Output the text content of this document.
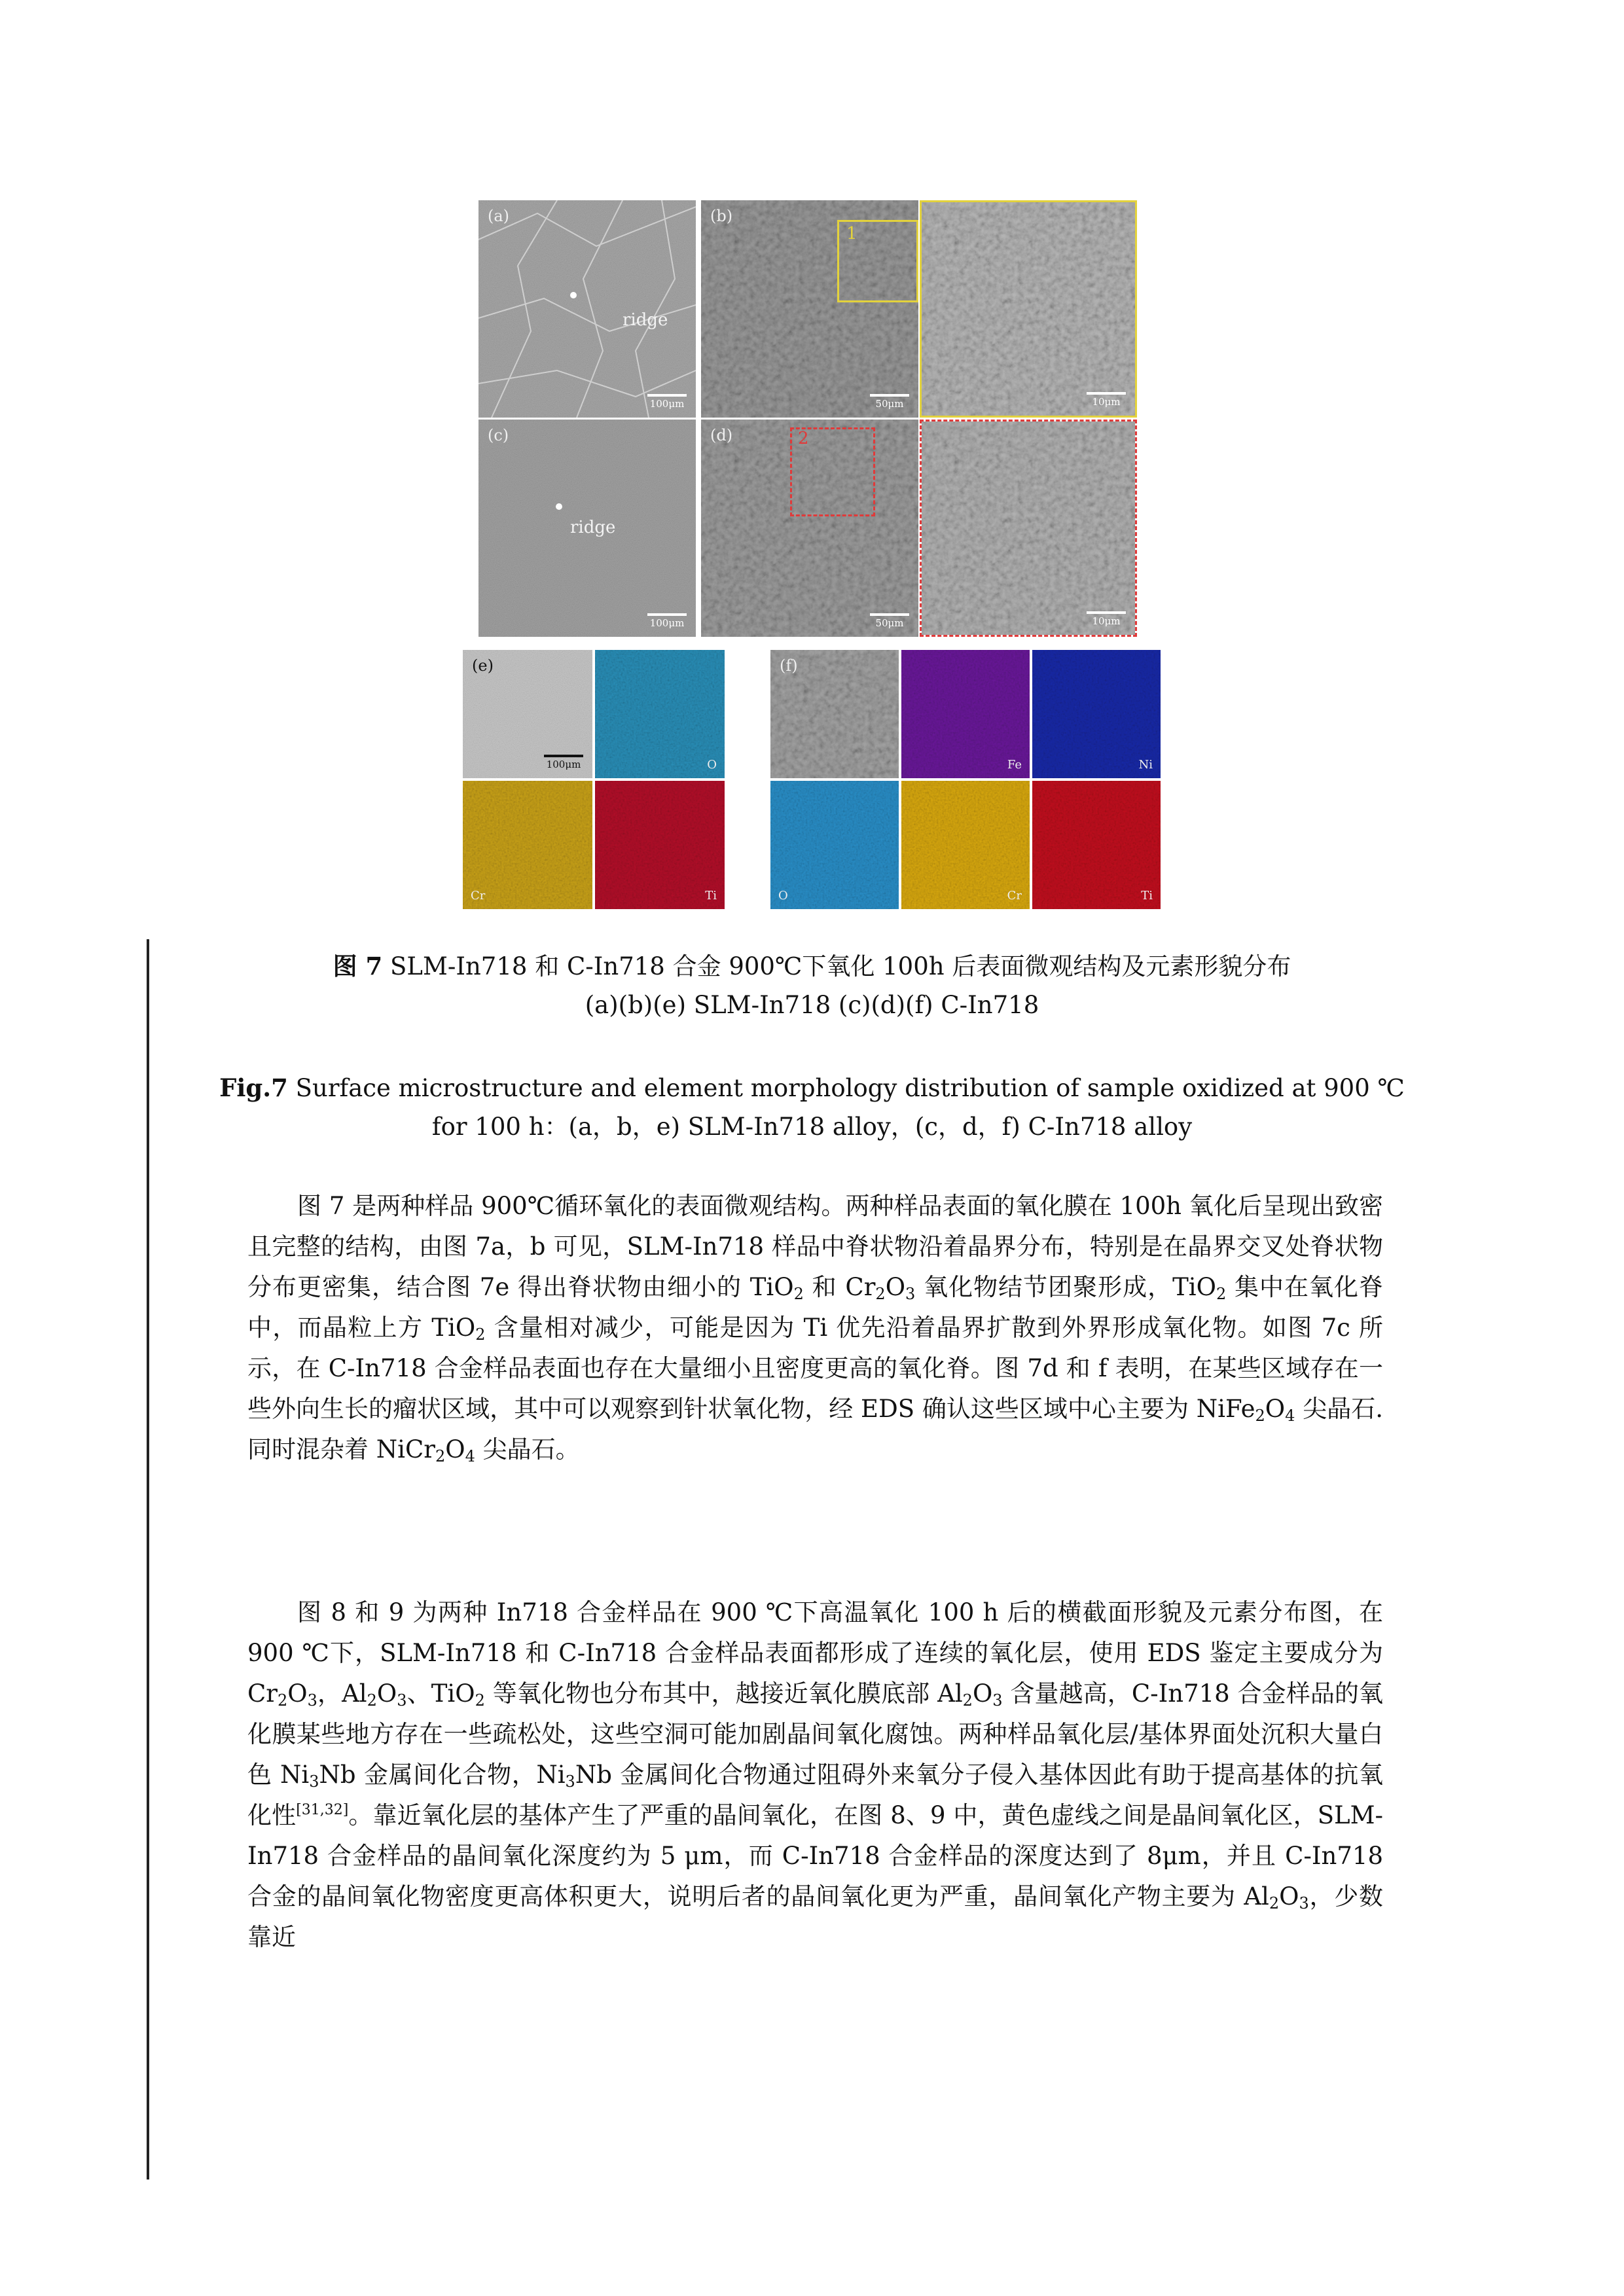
(a)
ridge
100μm
(b)
1
50μm	10μm
(c)
ridge
100μm
(d)	2
50μm	10μm
(e)
100μm	O
Cr	Ti
(f)
Fe	Ni
O	Cr	Ti
图 7 SLM-In718 和 C-In718 合金 900℃下氧化 100h 后表面微观结构及元素形貌分布
(a)(b)(e) SLM-In718 (c)(d)(f) C-In718
Fig.7 Surface microstructure and element morphology distribution of sample oxidized at 900 ℃
for 100 h：(a，b，e) SLM-In718 alloy，(c，d，f) C-In718 alloy
图 7 是两种样品 900℃循环氧化的表面微观结构。两种样品表面的氧化膜在 100h 氧化后呈现出致密且完整的结构，由图 7a，b 可见，SLM-In718 样品中脊状物沿着晶界分布，特别是在晶界交叉处脊状物分布更密集，结合图 7e 得出脊状物由细小的 TiO$_2$ 和 $Cr_2O_3$ 氧化物结节团聚形成，TiO$_2$ 集中在氧化脊中，而晶粒上方 TiO$_2$ 含量相对减少，可能是因为 Ti 优先沿着晶界扩散到外界形成氧化物。如图 7c 所示，在 C-In718 合金样品表面也存在大量细小且密度更高的氧化脊。图 7d 和 f 表明，在某些区域存在一些外向生长的瘤状区域，其中可以观察到针状氧化物，经 EDS 确认这些区域中心主要为 $NiFe_2O_4$ 尖晶石.同时混杂着 $NiCr_2O_4$ 尖晶石。
图 8 和 9 为两种 In718 合金样品在 900 ℃下高温氧化 100 h 后的横截面形貌及元素分布图，在 900 ℃下，SLM-In718 和 C-In718 合金样品表面都形成了连续的氧化层，使用 EDS 鉴定主要成分为 $Cr_2O_3$，$Al_2O_3$、TiO$_2$ 等氧化物也分布其中，越接近氧化膜底部 $Al_2O_3$ 含量越高，C-In718 合金样品的氧化膜某些地方存在一些疏松处，这些空洞可能加剧晶间氧化腐蚀。两种样品氧化层/基体界面处沉积大量白色 $Ni_3Nb$ 金属间化合物，$Ni_3Nb$ 金属间化合物通过阻碍外来氧分子侵入基体因此有助于提高基体的抗氧化性[31,32]。靠近氧化层的基体产生了严重的晶间氧化，在图 8、9 中，黄色虚线之间是晶间氧化区，SLM-In718 合金样品的晶间氧化深度约为 5 μm，而 C-In718 合金样品的深度达到了 8μm，并且 C-In718 合金的晶间氧化物密度更高体积更大，说明后者的晶间氧化更为严重，晶间氧化产物主要为 $Al_2O_3$，少数靠近
